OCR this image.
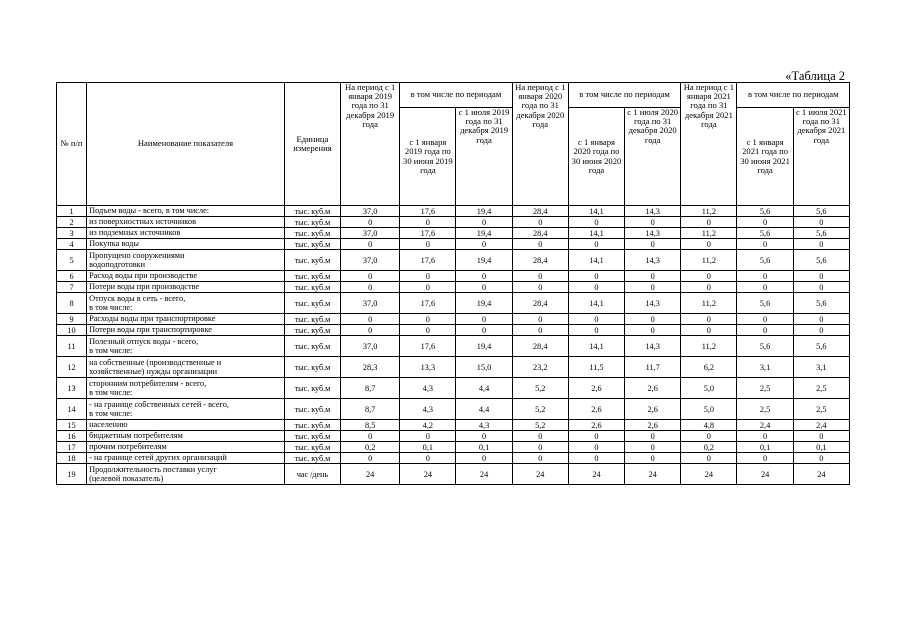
«Таблица 2
№ п/п	Наименование показателя	Единица измерения	На период с 1 января 2019 года по 31 декабря 2019 года	в том числе по периодам		На период с 1 января 2020 года по 31 декабря 2020 года	в том числе по периодам		На период с 1 января 2021 года по 31 декабря 2021 года	в том числе по периодам	
				с 1 января 2019 года по 30 июня 2019 года	с 1 июля 2019 года по 31 декабря 2019 года		с 1 января 2020 года по 30 июня 2020 года	с 1 июля 2020 года по 31 декабря 2020 года		с 1 января 2021 года по 30 июня 2021 года	с 1 июля 2021 года по 31 декабря 2021 года
1	Подъем воды - всего, в том числе:	тыс. куб.м	37,0	17,6	19,4	28,4	14,1	14,3	11,2	5,6	5,6
2	из поверхностных источников	тыс. куб.м	0	0	0	0	0	0	0	0	0
3	из подземных источников	тыс. куб.м	37,0	17,6	19,4	28,4	14,1	14,3	11,2	5,6	5,6
4	Покупка воды	тыс. куб.м	0	0	0	0	0	0	0	0	0
5	Пропущено сооружениями
водоподготовки	тыс. куб.м	37,0	17,6	19,4	28,4	14,1	14,3	11,2	5,6	5,6
6	Расход воды при производстве	тыс. куб.м	0	0	0	0	0	0	0	0	0
7	Потери воды при производстве	тыс. куб.м	0	0	0	0	0	0	0	0	0
8	Отпуск воды в сеть - всего,
в том числе:	тыс. куб.м	37,0	17,6	19,4	28,4	14,1	14,3	11,2	5,6	5,6
9	Расходы воды при транспортировке	тыс. куб.м	0	0	0	0	0	0	0	0	0
10	Потери воды при транспортировке	тыс. куб.м	0	0	0	0	0	0	0	0	0
11	Полезный отпуск воды - всего,
в том числе:	тыс. куб.м	37,0	17,6	19,4	28,4	14,1	14,3	11,2	5,6	5,6
12	на собственные (производственные и
хозяйственные) нужды организации	тыс. куб.м	28,3	13,3	15,0	23,2	11,5	11,7	6,2	3,1	3,1
13	сторонним потребителям - всего,
в том числе:	тыс. куб.м	8,7	4,3	4,4	5,2	2,6	2,6	5,0	2,5	2,5
14	- на границе собственных сетей - всего,
в том числе:	тыс. куб.м	8,7	4,3	4,4	5,2	2,6	2,6	5,0	2,5	2,5
15	населению	тыс. куб.м	8,5	4,2	4,3	5,2	2,6	2,6	4,8	2,4	2,4
16	бюджетным потребителям	тыс. куб.м	0	0	0	0	0	0	0	0	0
17	прочим потребителям	тыс. куб.м	0,2	0,1	0,1	0	0	0	0,2	0,1	0,1
18	- на границе сетей других организаций	тыс. куб.м	0	0	0	0	0	0	0	0	0
19	Продолжительность поставки услуг
(целевой показатель)	час /день	24	24	24	24	24	24	24	24	24
